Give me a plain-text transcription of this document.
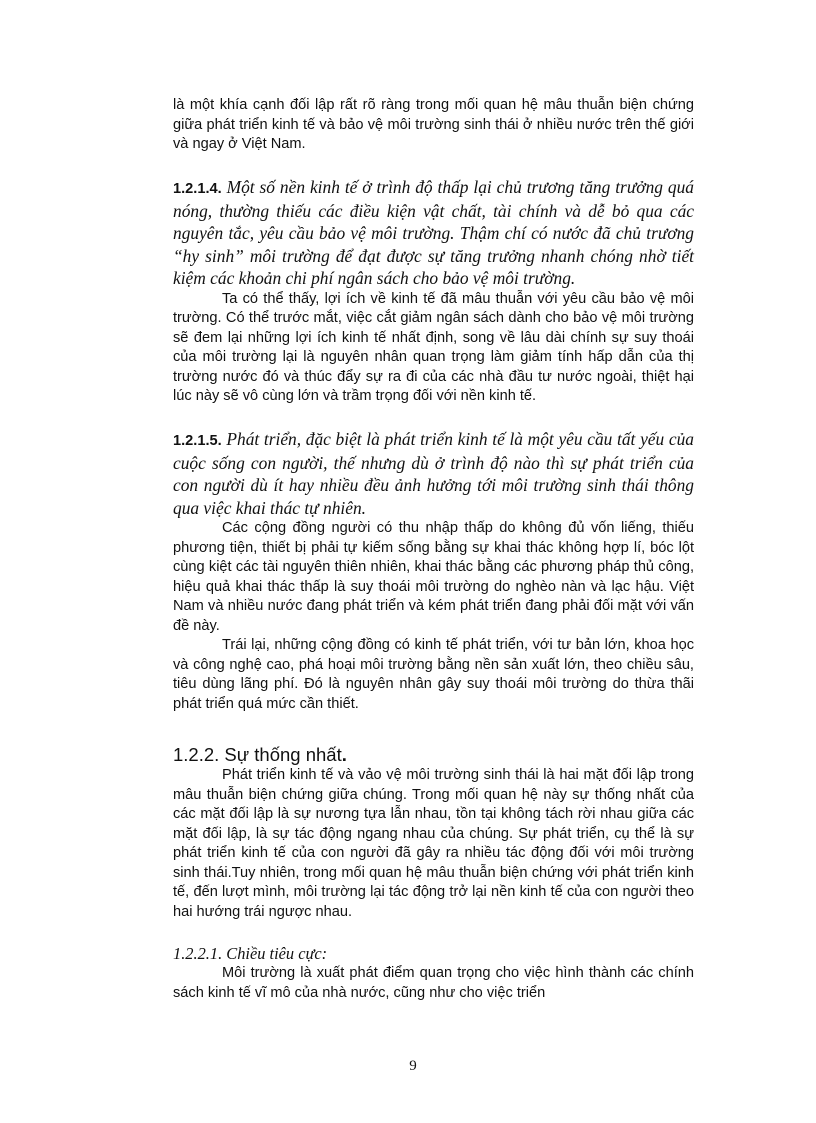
là một khía cạnh đối lập rất rõ ràng trong mối quan hệ mâu thuẫn biện chứng giữa phát triển kinh tế và bảo vệ môi trường sinh thái ở nhiều nước trên thế giới và ngay ở Việt Nam.

1.2.1.4. Một số nền kinh tế ở trình độ thấp lại chủ trương tăng trưởng quá nóng, thường thiếu các điều kiện vật chất, tài chính và dễ bỏ qua các nguyên tắc, yêu cầu bảo vệ môi trường. Thậm chí có nước đã chủ trương “hy sinh” môi trường để đạt được sự tăng trưởng nhanh chóng nhờ tiết kiệm các khoản chi phí ngân sách cho bảo vệ môi trường.

Ta có thể thấy, lợi ích về kinh tế đã mâu thuẫn với yêu cầu bảo vệ môi trường. Có thể trước mắt, việc cắt giảm ngân sách dành cho bảo vệ môi trường sẽ đem lại những lợi ích kinh tế nhất định, song về lâu dài chính sự suy thoái của môi trường lại là nguyên nhân quan trọng làm giảm tính hấp dẫn của thị trường nước đó và thúc đẩy sự ra đi của các nhà đầu tư nước ngoài, thiệt hại lúc này sẽ vô cùng lớn và trầm trọng đối với nền kinh tế.

1.2.1.5. Phát triển, đặc biệt là phát triển kinh tế là một yêu cầu tất yếu của cuộc sống con người, thế nhưng dù ở trình độ nào thì sự phát triển của con người dù ít hay nhiều đều ảnh hưởng tới môi trường sinh thái thông qua việc khai thác tự nhiên.

Các cộng đồng người có thu nhập thấp do không đủ vốn liếng, thiếu phương tiện, thiết bị phải tự kiếm sống bằng sự khai thác không hợp lí, bóc lột cùng kiệt các tài nguyên thiên nhiên, khai thác bằng các phương pháp thủ công, hiệu quả khai thác thấp là suy thoái môi trường do nghèo nàn và lạc hậu. Việt Nam và nhiều nước đang phát triển và kém phát triển đang phải đối mặt với vấn đề này.

Trái lại, những cộng đồng có kinh tế phát triển, với tư bản lớn, khoa học và công nghệ cao, phá hoại môi trường bằng nền sản xuất lớn, theo chiều sâu, tiêu dùng lãng phí. Đó là nguyên nhân gây suy thoái môi trường do thừa thãi phát triển quá mức cần thiết.

1.2.2. Sự thống nhất.

Phát triển kinh tế và vảo vệ môi trường sinh thái là hai mặt đối lập trong mâu thuẫn biện chứng giữa chúng. Trong mối quan hệ này sự thống nhất của các mặt đối lập là sự nương tựa lẫn nhau, tồn tại không tách rời nhau giữa các mặt đối lập, là sự tác động ngang nhau của chúng. Sự phát triển, cụ thể là sự phát triển kinh tế của con người đã gây ra nhiều tác động đối với môi trường sinh thái.Tuy nhiên, trong mối quan hệ mâu thuẫn biện chứng với phát triển kinh tế, đến lượt mình, môi trường lại tác động trở lại nền kinh tế của con người theo hai hướng trái ngược nhau.

1.2.2.1. Chiều tiêu cực:

Môi trường là xuất phát điểm quan trọng cho việc hình thành các chính sách kinh tế vĩ mô của nhà nước, cũng như cho việc triển

9
